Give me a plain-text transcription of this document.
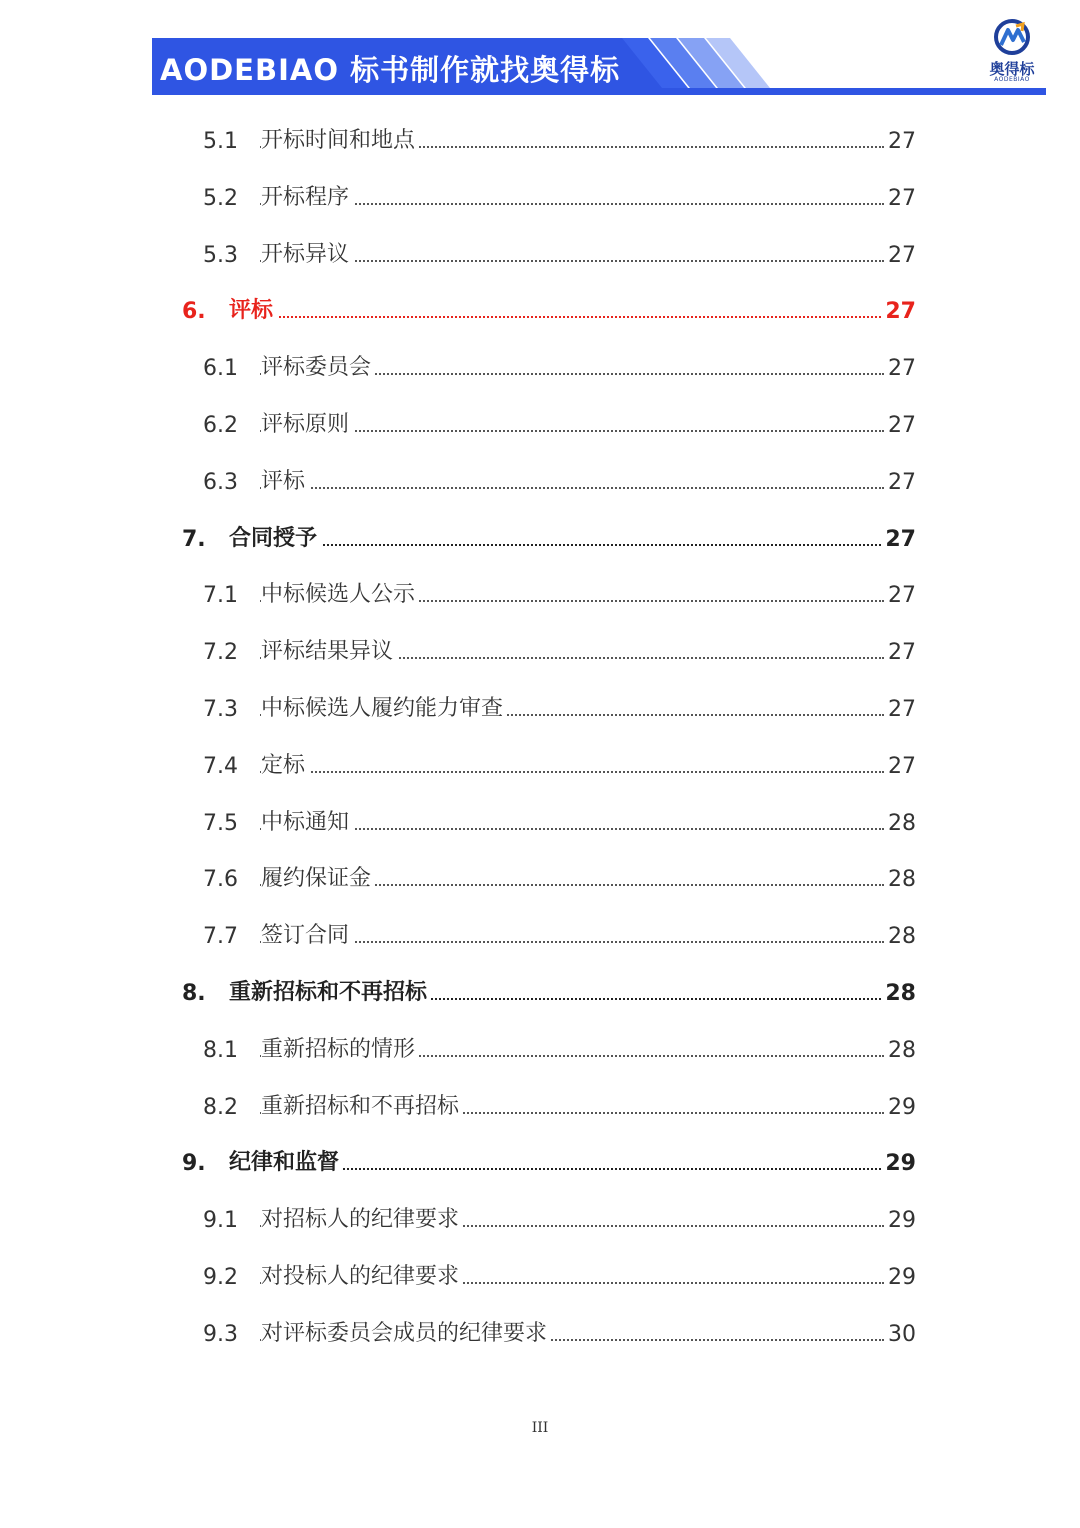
AODEBIAO 标书制作就找奥得标	奥得标
AODEBIAO
5.1 开标时间和地点	27
5.2 开标程序	27
5.3 开标异议	27
6. 评标	27
6.1 评标委员会	27
6.2 评标原则	27
6.3 评标	27
7. 合同授予	27
7.1 中标候选人公示	27
7.2 评标结果异议	27
7.3 中标候选人履约能力审查	27
7.4 定标	27
7.5 中标通知	28
7.6 履约保证金	28
7.7 签订合同	28
8. 重新招标和不再招标	28
8.1 重新招标的情形	28
8.2 重新招标和不再招标	29
9. 纪律和监督	29
9.1 对招标人的纪律要求	29
9.2 对投标人的纪律要求	29
9.3 对评标委员会成员的纪律要求	30
III
